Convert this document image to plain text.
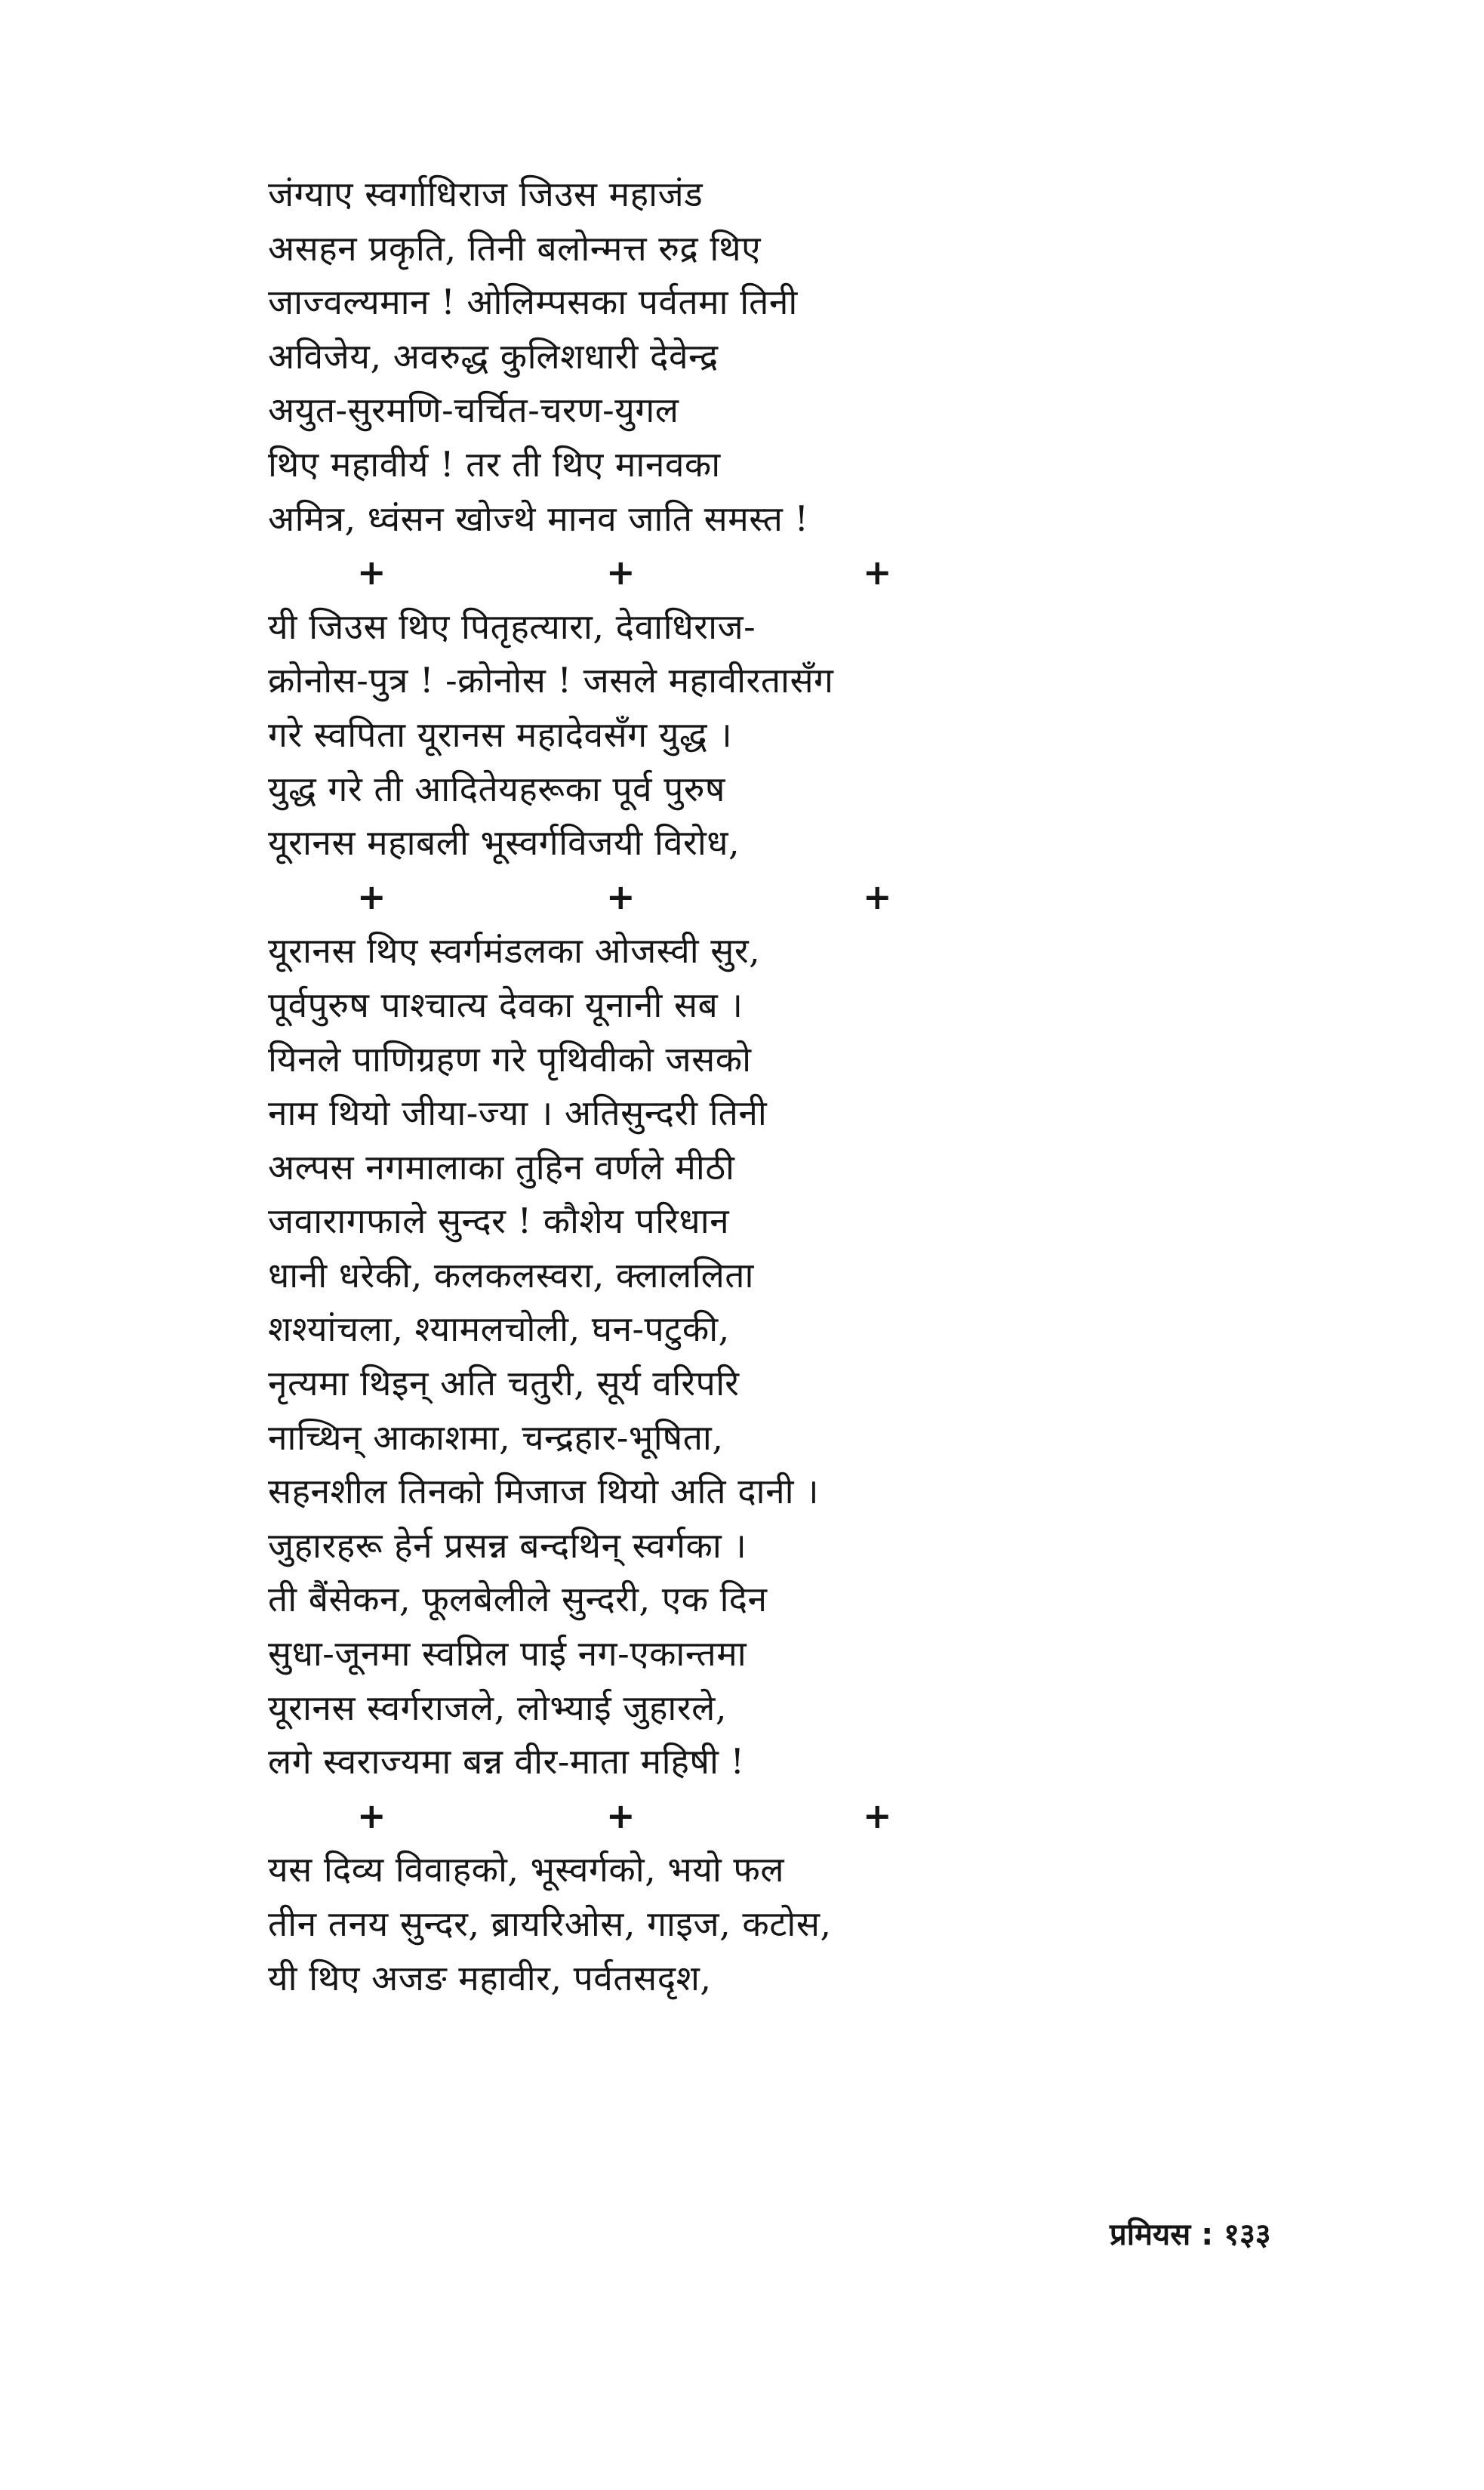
जंग्याए स्वर्गाधिराज जिउस महाजंड
असहन प्रकृति, तिनी बलोन्मत्त रुद्र थिए
जाज्वल्यमान ! ओलिम्पसका पर्वतमा तिनी
अविजेय, अवरुद्ध कुलिशधारी देवेन्द्र
अयुत-सुरमणि-चर्चित-चरण-युगल
थिए महावीर्य ! तर ती थिए मानवका
अमित्र, ध्वंसन खोज्थे मानव जाति समस्त !
+	+	+
यी जिउस थिए पितृहत्यारा, देवाधिराज-
क्रोनोस-पुत्र ! -क्रोनोस ! जसले महावीरतासँग
गरे स्वपिता यूरानस महादेवसँग युद्ध ।
युद्ध गरे ती आदितेयहरूका पूर्व पुरुष
यूरानस महाबली भूस्वर्गविजयी विरोध,
+	+	+
यूरानस थिए स्वर्गमंडलका ओजस्वी सुर,
पूर्वपुरुष पाश्चात्य देवका यूनानी सब ।
यिनले पाणिग्रहण गरे पृथिवीको जसको
नाम थियो जीया-ज्या । अतिसुन्दरी तिनी
अल्पस नगमालाका तुहिन वर्णले मीठी
जवारागफाले सुन्दर ! कौशेय परिधान
धानी धरेकी, कलकलस्वरा, क्लाललिता
शश्यांचला, श्यामलचोली, घन-पटुकी,
नृत्यमा थिइन् अति चतुरी, सूर्य वरिपरि
नाच्थिन् आकाशमा, चन्द्रहार-भूषिता,
सहनशील तिनको मिजाज थियो अति दानी ।
जुहारहरू हेर्न प्रसन्न बन्दथिन् स्वर्गका ।
ती बैंसेकन, फूलबेलीले सुन्दरी, एक दिन
सुधा-जूनमा स्वप्निल पाई नग-एकान्तमा
यूरानस स्वर्गराजले, लोभ्याई जुहारले,
लगे स्वराज्यमा बन्न वीर-माता महिषी !
+	+	+
यस दिव्य विवाहको, भूस्वर्गको, भयो फल
तीन तनय सुन्दर, ब्रायरिओस, गाइज, कटोस,
यी थिए अजङ महावीर, पर्वतसदृश,
प्रमियस : १३३
